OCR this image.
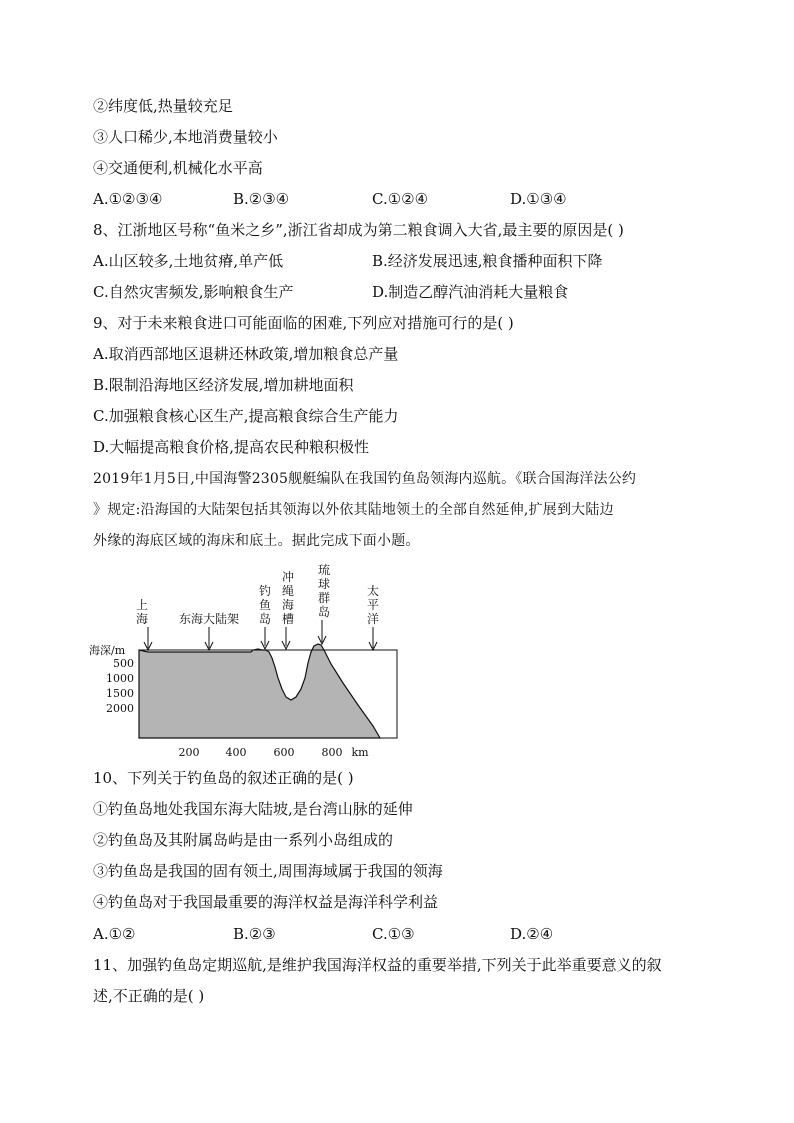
②纬度低,热量较充足
③人口稀少,本地消费量较小
④交通便利,机械化水平高
A.①②③④	B.②③④	C.①②④	D.①③④
8、江浙地区号称“鱼米之乡”,浙江省却成为第二粮食调入大省,最主要的原因是( )
A.山区较多,土地贫瘠,单产低	B.经济发展迅速,粮食播种面积下降
C.自然灾害频发,影响粮食生产	D.制造乙醇汽油消耗大量粮食
9、对于未来粮食进口可能面临的困难,下列应对措施可行的是( )
A.取消西部地区退耕还林政策,增加粮食总产量
B.限制沿海地区经济发展,增加耕地面积
C.加强粮食核心区生产,提高粮食综合生产能力
D.大幅提高粮食价格,提高农民种粮积极性
2019年1月5日,中国海警2305舰艇编队在我国钓鱼岛领海内巡航。《联合国海洋法公约
》规定:沿海国的大陆架包括其领海以外依其陆地领土的全部自然延伸,扩展到大陆边
外缘的海底区域的海床和底土。据此完成下面小题。
上
海	东海大陆架
钓
鱼
岛
冲
绳
海
槽
琉
球
群
岛
太
平
洋
海深/m
500
1000
1500
2000
200 400 600 800 km
10、下列关于钓鱼岛的叙述正确的是( )
①钓鱼岛地处我国东海大陆坡,是台湾山脉的延伸
②钓鱼岛及其附属岛屿是由一系列小岛组成的
③钓鱼岛是我国的固有领土,周围海域属于我国的领海
④钓鱼岛对于我国最重要的海洋权益是海洋科学利益
A.①②	B.②③	C.①③	D.②④
11、加强钓鱼岛定期巡航,是维护我国海洋权益的重要举措,下列关于此举重要意义的叙
述,不正确的是( )
